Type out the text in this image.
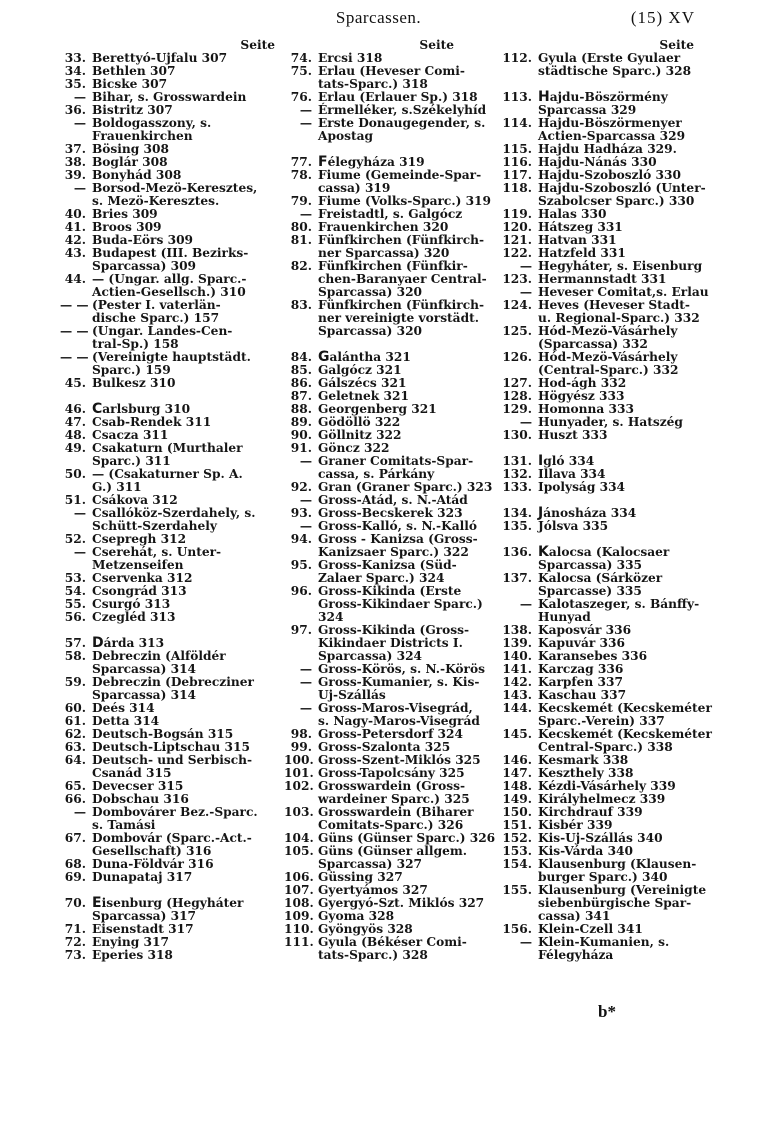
Sparcassen.	(15) XV
Seite
33. Berettyó-Ujfalu 307
34. Bethlen 307
35. Bicske 307
— Bihar, s. Grosswardein
36. Bistritz 307
— Boldogasszony, s.
Frauenkirchen
37. Bösing 308
38. Boglár 308
39. Bonyhád 308
— Borsod-Mezö-Keresztes,
s. Mezö-Keresztes.
40. Bries 309
41. Broos 309
42. Buda-Eörs 309
43. Budapest (III. Bezirks-
Sparcassa) 309
44. — (Ungar. allg. Sparc.-
Actien-Gesellsch.) 310
— — (Pester I. vaterlän-
dische Sparc.) 157
— — (Ungar. Landes-Cen-
tral-Sp.) 158
— — (Vereinigte hauptstädt.
Sparc.) 159
45. Bulkesz 310
46. Carlsburg 310
47. Csab-Rendek 311
48. Csacza 311
49. Csakaturn (Murthaler
Sparc.) 311
50. — (Csakaturner Sp. A.
G.) 311
51. Csákova 312
— Csallóköz-Szerdahely, s.
Schütt-Szerdahely
52. Csepregh 312
— Cserehát, s. Unter-
Metzenseifen
53. Cservenka 312
54. Csongrád 313
55. Csurgó 313
56. Czegléd 313
57. Dárda 313
58. Debreczin (Alföldér
Sparcassa) 314
59. Debreczin (Debrecziner
Sparcassa) 314
60. Deés 314
61. Detta 314
62. Deutsch-Bogsán 315
63. Deutsch-Liptschau 315
64. Deutsch- und Serbisch-
Csanád 315
65. Devecser 315
66. Dobschau 316
— Dombovárer Bez.-Sparc.
s. Tamási
67. Dombovár (Sparc.-Act.-
Gesellschaft) 316
68. Duna-Földvár 316
69. Dunapataj 317
70. Eisenburg (Hegyháter
Sparcassa) 317
71. Eisenstadt 317
72. Enying 317
73. Eperies 318
Seite
74. Ercsi 318
75. Erlau (Heveser Comi-
tats-Sparc.) 318
76. Erlau (Erlauer Sp.) 318
— Érmelléker, s.Székelyhíd
— Erste Donaugegender, s.
Apostag
77. Félegyháza 319
78. Fiume (Gemeinde-Spar-
cassa) 319
79. Fiume (Volks-Sparc.) 319
— Freistadtl, s. Galgócz
80. Frauenkirchen 320
81. Fünfkirchen (Fünfkirch-
ner Sparcassa) 320
82. Fünfkirchen (Fünfkir-
chen-Baranyaer Central-
Sparcassa) 320
83. Fünfkirchen (Fünfkirch-
ner vereinigte vorstädt.
Sparcassa) 320
84. Galántha 321
85. Galgócz 321
86. Gálszécs 321
87. Geletnek 321
88. Georgenberg 321
89. Gödöllö 322
90. Göllnitz 322
91. Göncz 322
— Graner Comitats-Spar-
cassa, s. Párkány
92. Gran (Graner Sparc.) 323
— Gross-Atád, s. N.-Atád
93. Gross-Becskerek 323
— Gross-Kalló, s. N.-Kalló
94. Gross - Kanizsa (Gross-
Kanizsaer Sparc.) 322
95. Gross-Kanizsa (Süd-
Zalaer Sparc.) 324
96. Gross-Kikinda (Erste
Gross-Kikindaer Sparc.)
324
97. Gross-Kikinda (Gross-
Kikindaer Districts I.
Sparcassa) 324
— Gross-Körös, s. N.-Körös
— Gross-Kumanier, s. Kis-
Uj-Szállás
— Gross-Maros-Visegrád,
s. Nagy-Maros-Visegrád
98. Gross-Petersdorf 324
99. Gross-Szalonta 325
100. Gross-Szent-Miklós 325
101. Gross-Tapolcsány 325
102. Grosswardein (Gross-
wardeiner Sparc.) 325
103. Grosswardein (Biharer
Comitats-Sparc.) 326
104. Güns (Günser Sparc.) 326
105. Güns (Günser allgem.
Sparcassa) 327
106. Güssing 327
107. Gyertyámos 327
108. Gyergyó-Szt. Miklós 327
109. Gyoma 328
110. Gyöngyös 328
111. Gyula (Békéser Comi-
tats-Sparc.) 328
Seite
112. Gyula (Erste Gyulaer
städtische Sparc.) 328
113. Hajdu-Böszörmény
Sparcassa 329
114. Hajdu-Böszörmenyer
Actien-Sparcassa 329
115. Hajdu Hadháza 329.
116. Hajdu-Nánás 330
117. Hajdu-Szoboszló 330
118. Hajdu-Szoboszló (Unter-
Szabolcser Sparc.) 330
119. Halas 330
120. Hátszeg 331
121. Hatvan 331
122. Hatzfeld 331
— Hegyháter, s. Eisenburg
123. Hermannstadt 331
— Heveser Comitat,s. Erlau
124. Heves (Heveser Stadt-
u. Regional-Sparc.) 332
125. Hód-Mezö-Vásárhely
(Sparcassa) 332
126. Hód-Mezö-Vásárhely
(Central-Sparc.) 332
127. Hod-ágh 332
128. Högyész 333
129. Homonna 333
— Hunyader, s. Hatszég
130. Huszt 333
131. Igló 334
132. Illava 334
133. Ipolyság 334
134. Jánosháza 334
135. Jólsva 335
136. Kalocsa (Kalocsaer
Sparcassa) 335
137. Kalocsa (Sárközer
Sparcasse) 335
— Kalotaszeger, s. Bánffy-
Hunyad
138. Kaposvár 336
139. Kapuvár 336
140. Karansebes 336
141. Karczag 336
142. Karpfen 337
143. Kaschau 337
144. Kecskemét (Kecskeméter
Sparc.-Verein) 337
145. Kecskemét (Kecskeméter
Central-Sparc.) 338
146. Kesmark 338
147. Keszthely 338
148. Kézdi-Vásárhely 339
149. Királyhelmecz 339
150. Kirchdrauf 339
151. Kisbér 339
152. Kis-Uj-Szállás 340
153. Kis-Várda 340
154. Klausenburg (Klausen-
burger Sparc.) 340
155. Klausenburg (Vereinigte
siebenbürgische Spar-
cassa) 341
156. Klein-Czell 341
— Klein-Kumanien, s.
Félegyháza
b*
